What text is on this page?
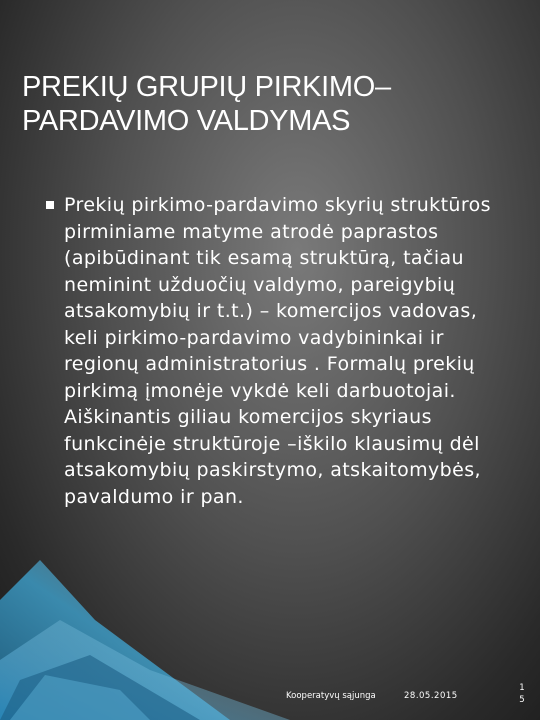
PREKIŲ GRUPIŲ PIRKIMO–
PARDAVIMO VALDYMAS
Prekių pirkimo-pardavimo skyrių struktūros pirminiame matyme atrodė paprastos (apibūdinant tik esamą struktūrą, tačiau neminint užduočių valdymo, pareigybių atsakomybių ir t.t.) – komercijos vadovas, keli pirkimo-pardavimo vadybininkai ir regionų administratorius . Formalų prekių pirkimą įmonėje vykdė keli darbuotojai. Aiškinantis giliau komercijos skyriaus funkcinėje struktūroje –iškilo klausimų dėl atsakomybių paskirstymo, atskaitomybės, pavaldumo ir pan.
Kooperatyvų sąjunga	28.05.2015
1
5
